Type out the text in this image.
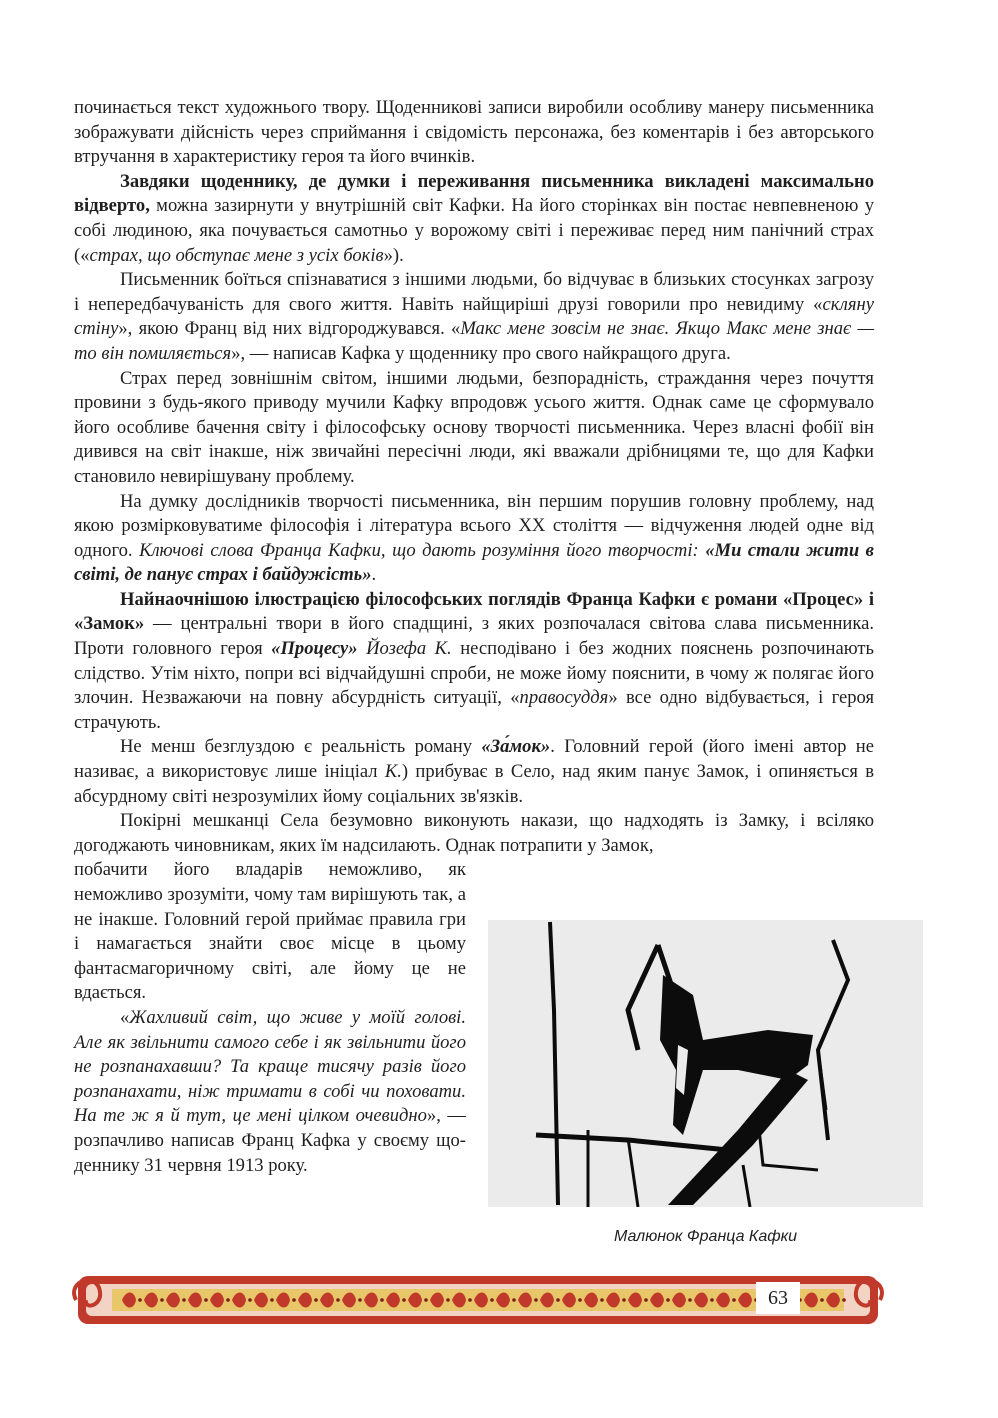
починається текст художнього твору. Щоденникові записи виробили особливу манеру письменника зображувати дійсність через сприймання і свідомість персонажа, без коментарів і без авторського втручання в характеристику героя та його вчинків.

Завдяки щоденнику, де думки і переживання письменника викладені максимально відверто, можна зазирнути у внутрішній світ Кафки. На його сторінках він постає невпевненою у собі людиною, яка почувається самотньо у ворожому світі і переживає перед ним панічний страх («страх, що обступає мене з усіх боків»).

Письменник боїться спізнаватися з іншими людьми, бо відчуває в близьких стосунках загрозу і непередбачуваність для свого життя. Навіть найщиріші друзі говорили про невидиму «скляну стіну», якою Франц від них відгороджувався. «Макс мене зовсім не знає. Якщо Макс мене знає — то він помиляється», — написав Кафка у щоденнику про свого найкращого друга.

Страх перед зовнішнім світом, іншими людьми, безпорадність, страждання через почуття провини з будь-якого приводу мучили Кафку впродовж усього життя. Однак саме це сформувало його особливе бачення світу і філософську основу творчості письменника. Через власні фобії він дивився на світ інакше, ніж звичайні пересічні люди, які вважали дрібницями те, що для Кафки становило невирішувану проблему.

На думку дослідників творчості письменника, він першим порушив головну проблему, над якою розмірковуватиме філософія і література всього XX століття — відчуження людей одне від одного. Ключові слова Франца Кафки, що дають розуміння його творчості: «Ми стали жити в світі, де панує страх і байдужість».

Найнаочнішою ілюстрацією філософських поглядів Франца Кафки є романи «Процес» і «Замок» — центральні твори в його спадщині, з яких розпочалася світова слава письменника. Проти головного героя «Процесу» Йозефа К. несподівано і без жодних пояснень розпочинають слідство. Утім ніхто, попри всі відчайдушні спроби, не може йому пояснити, в чому ж полягає його злочин. Незважаючи на повну абсурдність ситуації, «правосуддя» все одно відбувається, і героя страчують.

Не менш безглуздою є реальність роману «За́мок». Головний герой (його імені автор не називає, а використовує лише ініціал К.) прибуває в Село, над яким панує Замок, і опиняється в абсурдному світі незрозумілих йому соціальних зв'язків.

Покірні мешканці Села безумовно виконують накази, що надходять із Замку, і всіляко догоджають чиновникам, яких їм надсилають. Однак потрапити у Замок,

побачити його владарів неможливо, як неможливо зрозуміти, чому там вирішують так, а не інакше. Головний герой приймає правила гри і намагається знайти своє місце в цьому фантасмагоричному світі, але йому це не вдається.

«Жахливий світ, що живе у моїй голові. Але як звільнити самого себе і як звільнити його не розпанахавши? Та краще тисячу разів його розпанахати, ніж тримати в собі чи поховати. На те ж я й тут, це мені цілком очевидно», — розпачливо написав Франц Кафка у своєму щоденнику 31 червня 1913 року.

Малюнок Франца Кафки
63
